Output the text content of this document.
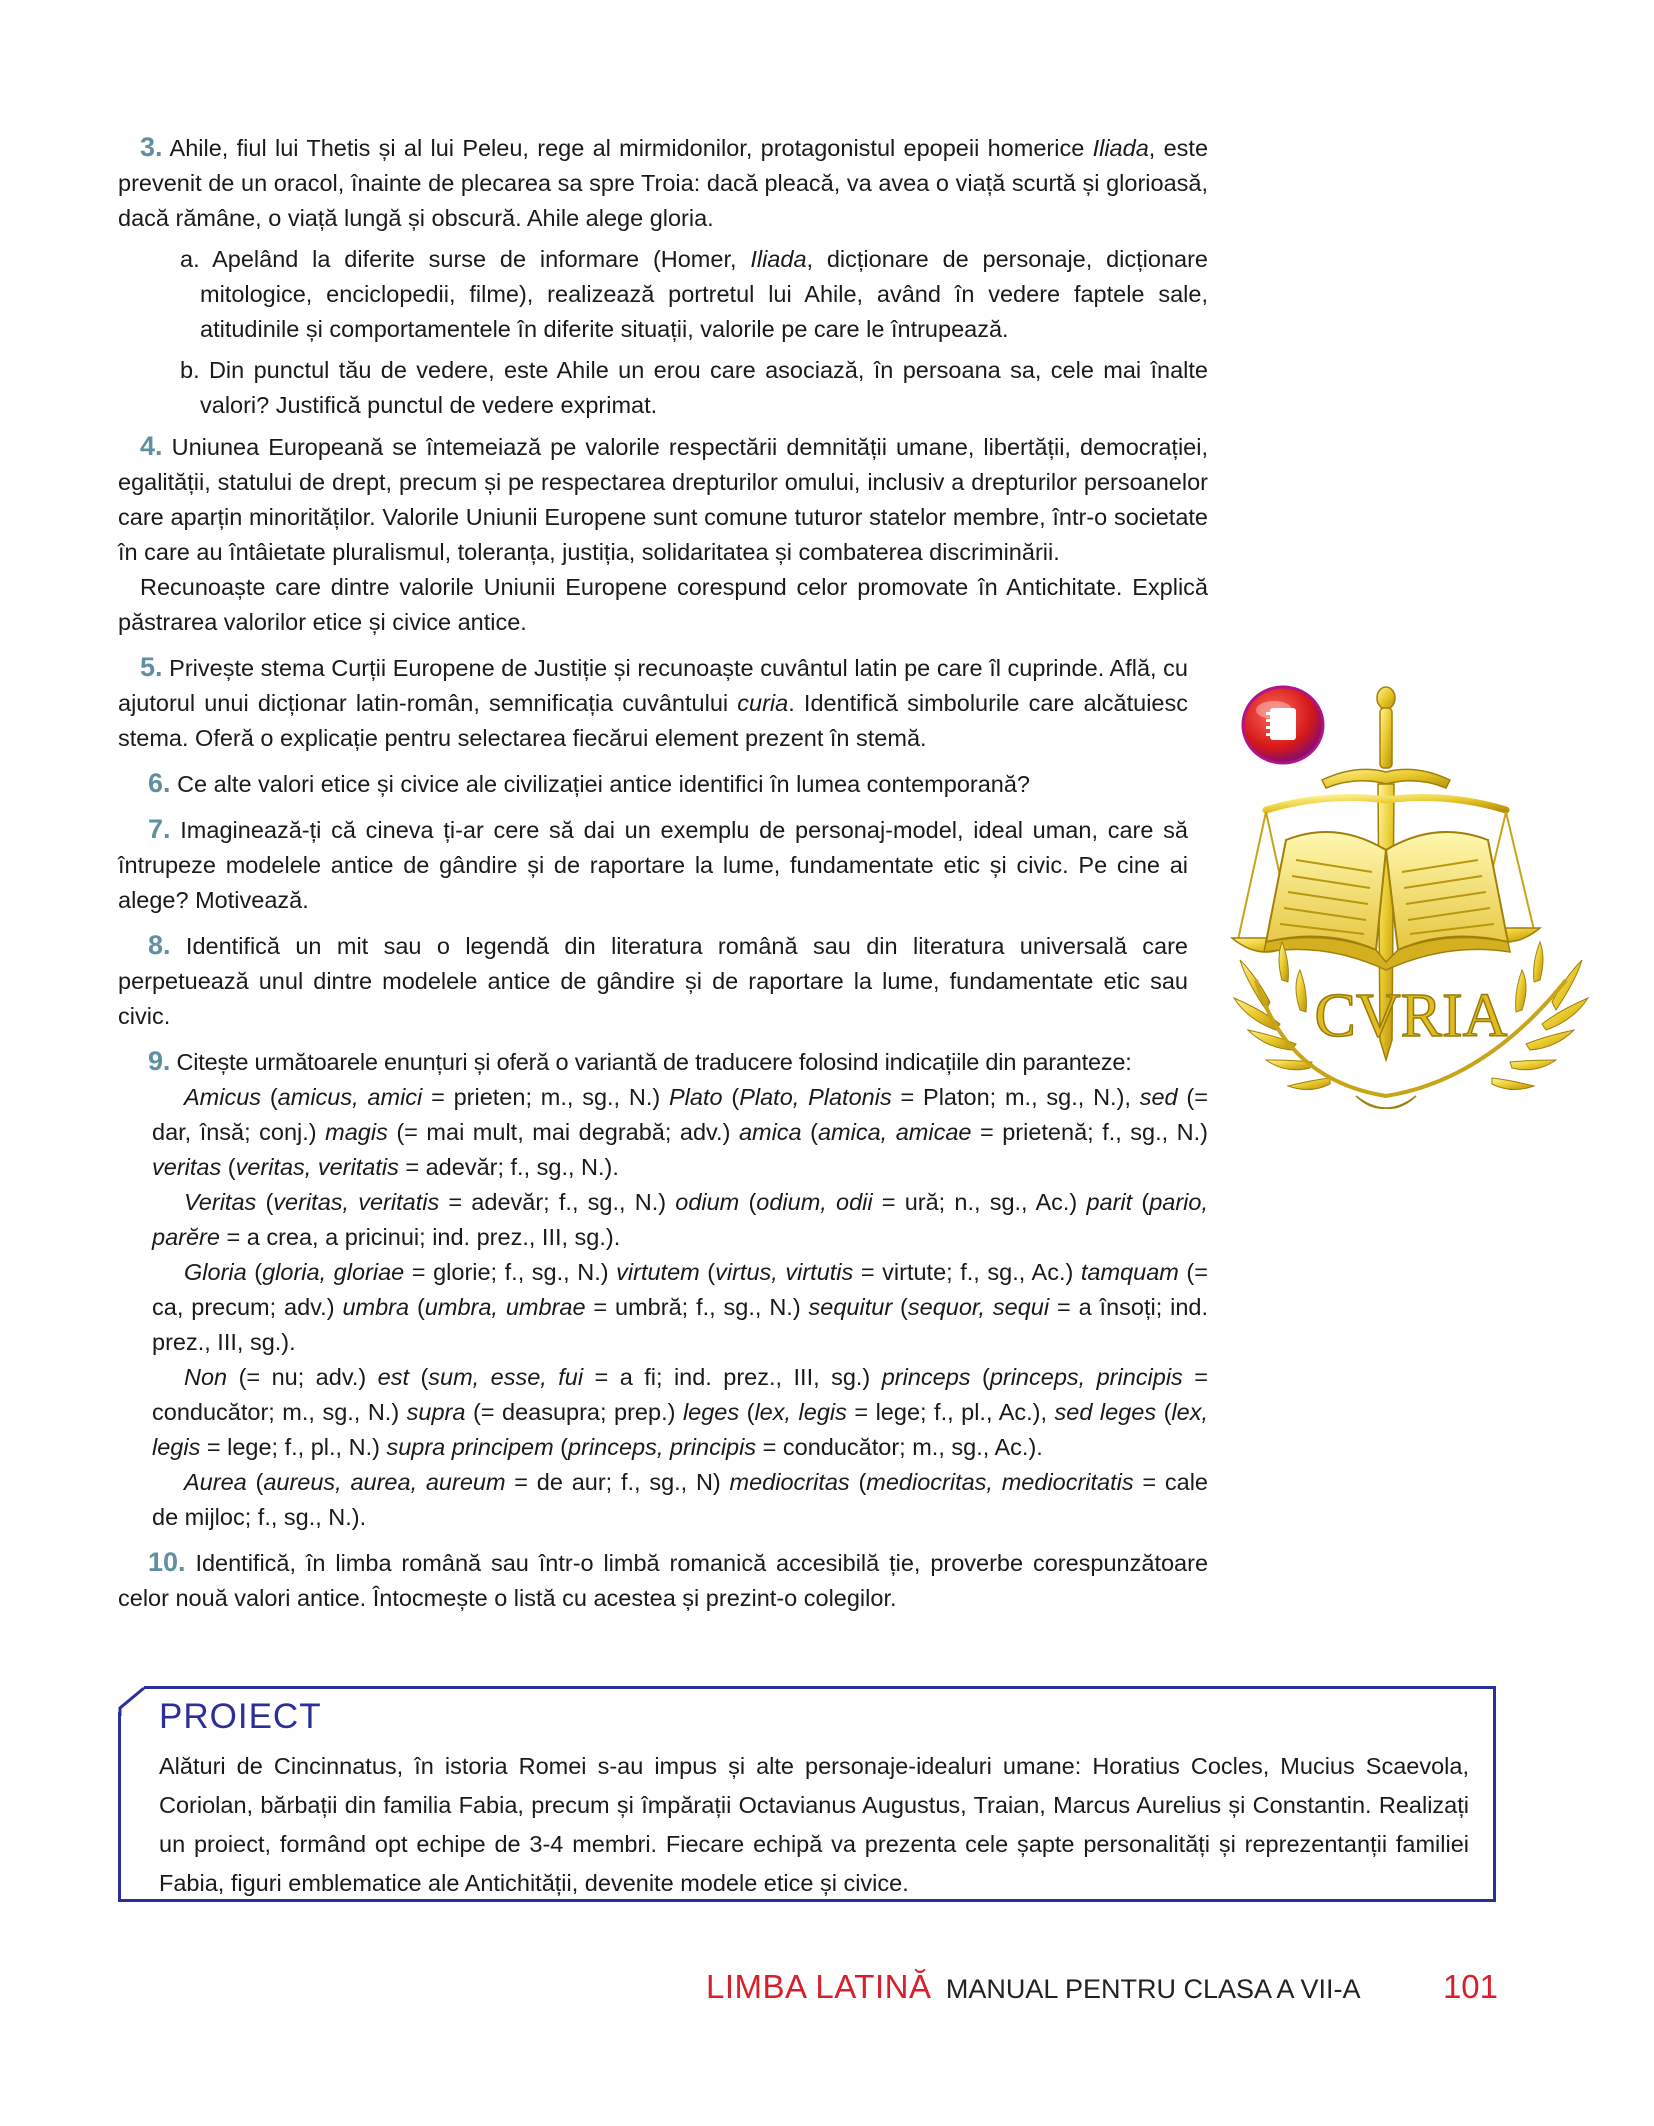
3. Ahile, fiul lui Thetis și al lui Peleu, rege al mirmidonilor, protagonistul epopeii homerice Iliada, este prevenit de un oracol, înainte de plecarea sa spre Troia: dacă pleacă, va avea o viață scurtă și glorioasă, dacă rămâne, o viață lungă și obscură. Ahile alege gloria.

a. Apelând la diferite surse de informare (Homer, Iliada, dicționare de personaje, dicționare mitologice, enciclopedii, filme), realizează portretul lui Ahile, având în vedere faptele sale, atitudinile și comportamentele în diferite situații, valorile pe care le întrupează.

b. Din punctul tău de vedere, este Ahile un erou care asociază, în persoana sa, cele mai înalte valori? Justifică punctul de vedere exprimat.

4. Uniunea Europeană se întemeiază pe valorile respectării demnității umane, libertății, democrației, egalității, statului de drept, precum și pe respectarea drepturilor omului, inclusiv a drepturilor persoanelor care aparțin minorităților. Valorile Uniunii Europene sunt comune tuturor statelor membre, într-o societate în care au întâietate pluralismul, toleranța, justiția, solidaritatea și combaterea discriminării.

Recunoaște care dintre valorile Uniunii Europene corespund celor promovate în Antichitate. Explică păstrarea valorilor etice și civice antice.

5. Privește stema Curții Europene de Justiție și recunoaște cuvântul latin pe care îl cuprinde. Află, cu ajutorul unui dicționar latin-român, semnificația cuvântului curia. Identifică simbolurile care alcătuiesc stema. Oferă o explicație pentru selectarea fiecărui element prezent în stemă.

6. Ce alte valori etice și civice ale civilizației antice identifici în lumea contemporană?

7. Imaginează-ți că cineva ți-ar cere să dai un exemplu de personaj-model, ideal uman, care să întrupeze modelele antice de gândire și de raportare la lume, fundamentate etic și civic. Pe cine ai alege? Motivează.

8. Identifică un mit sau o legendă din literatura română sau din literatura universală care perpetuează unul dintre modelele antice de gândire și de raportare la lume, fundamentate etic sau civic.

9. Citește următoarele enunțuri și oferă o variantă de traducere folosind indicațiile din paranteze:

Amicus (amicus, amici = prieten; m., sg., N.) Plato (Plato, Platonis = Platon; m., sg., N.), sed (= dar, însă; conj.) magis (= mai mult, mai degrabă; adv.) amica (amica, amicae = prietenă; f., sg., N.) veritas (veritas, veritatis = adevăr; f., sg., N.).

Veritas (veritas, veritatis = adevăr; f., sg., N.) odium (odium, odii = ură; n., sg., Ac.) parit (pario, parĕre = a crea, a pricinui; ind. prez., III, sg.).

Gloria (gloria, gloriae = glorie; f., sg., N.) virtutem (virtus, virtutis = virtute; f., sg., Ac.) tamquam (= ca, precum; adv.) umbra (umbra, umbrae = umbră; f., sg., N.) sequitur (sequor, sequi = a însoți; ind. prez., III, sg.).

Non (= nu; adv.) est (sum, esse, fui = a fi; ind. prez., III, sg.) princeps (princeps, principis = conducător; m., sg., N.) supra (= deasupra; prep.) leges (lex, legis = lege; f., pl., Ac.), sed leges (lex, legis = lege; f., pl., N.) supra principem (princeps, principis = conducător; m., sg., Ac.).

Aurea (aureus, aurea, aureum = de aur; f., sg., N) mediocritas (mediocritas, mediocritatis = cale de mijloc; f., sg., N.).

10. Identifică, în limba română sau într-o limbă romanică accesibilă ție, proverbe corespunzătoare celor nouă valori antice. Întocmește o listă cu acestea și prezint-o colegilor.

CVRIA
PROIECT
Alături de Cincinnatus, în istoria Romei s-au impus și alte personaje-idealuri umane: Horatius Cocles, Mucius Scaevola, Coriolan, bărbații din familia Fabia, precum și împărații Octavianus Augustus, Traian, Marcus Aurelius și Constantin. Realizați un proiect, formând opt echipe de 3-4 membri. Fiecare echipă va prezenta cele șapte personalități și reprezentanții familiei Fabia, figuri emblematice ale Antichității, devenite modele etice și civice.
LIMBA LATINĂ MANUAL PENTRU CLASA A VII-A 101
